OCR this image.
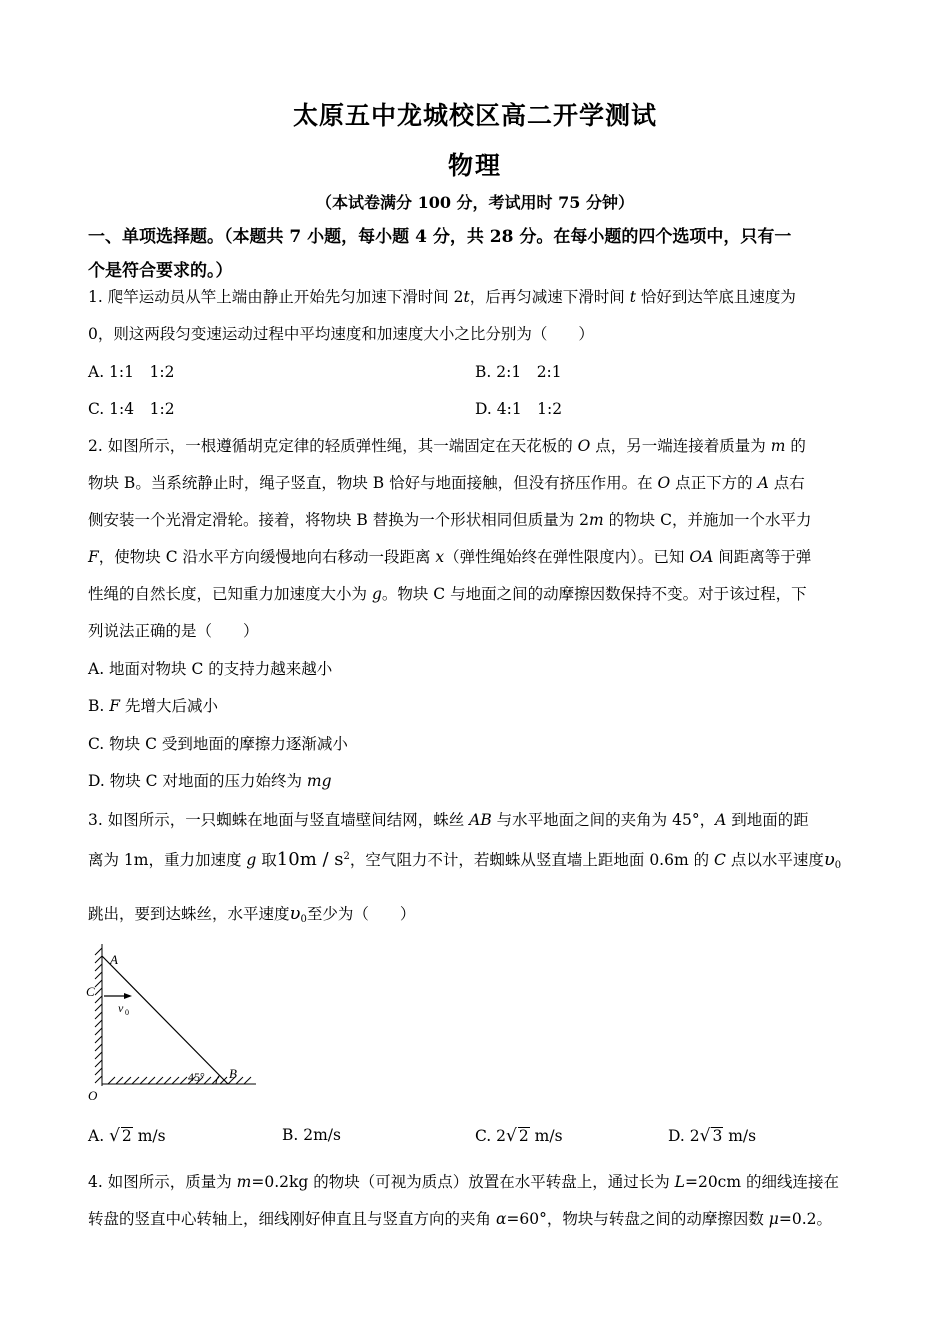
太原五中龙城校区高二开学测试
物理
（本试卷满分 100 分，考试用时 75 分钟）
一、单项选择题。（本题共 7 小题，每小题 4 分，共 28 分。在每小题的四个选项中，只有一
个是符合要求的。）
1. 爬竿运动员从竿上端由静止开始先匀加速下滑时间 2t，后再匀减速下滑时间 t 恰好到达竿底且速度为
0，则这两段匀变速运动过程中平均速度和加速度大小之比分别为（　　）
A. 1:1　1:2	B. 2:1　2:1
C. 1:4　1:2	D. 4:1　1:2
2. 如图所示，一根遵循胡克定律的轻质弹性绳，其一端固定在天花板的 O 点，另一端连接着质量为 m 的
物块 B。当系统静止时，绳子竖直，物块 B 恰好与地面接触，但没有挤压作用。在 O 点正下方的 A 点右
侧安装一个光滑定滑轮。接着，将物块 B 替换为一个形状相同但质量为 2m 的物块 C，并施加一个水平力
F，使物块 C 沿水平方向缓慢地向右移动一段距离 x（弹性绳始终在弹性限度内）。已知 OA 间距离等于弹
性绳的自然长度，已知重力加速度大小为 g。物块 C 与地面之间的动摩擦因数保持不变。对于该过程，下
列说法正确的是（　　）
A. 地面对物块 C 的支持力越来越小
B. F 先增大后减小
C. 物块 C 受到地面的摩擦力逐渐减小
D. 物块 C 对地面的压力始终为 mg
3. 如图所示，一只蜘蛛在地面与竖直墙壁间结网，蛛丝 AB 与水平地面之间的夹角为 45°，A 到地面的距
离为 1m，重力加速度 g 取$10m / s^2$，空气阻力不计，若蜘蛛从竖直墙上距地面 0.6m 的 C 点以水平速度$\upsilon_0$
跳出，要到达蛛丝，水平速度$\upsilon_0$至少为（　　）
A
C
v 0
45° B
O
A. √ 2 m/s	B. 2m/s	C. 2√ 2 m/s	D. 2√ 3 m/s
4. 如图所示，质量为 m=0.2kg 的物块（可视为质点）放置在水平转盘上，通过长为 L=20cm 的细线连接在
转盘的竖直中心转轴上，细线刚好伸直且与竖直方向的夹角 α=60°，物块与转盘之间的动摩擦因数 μ=0.2。
